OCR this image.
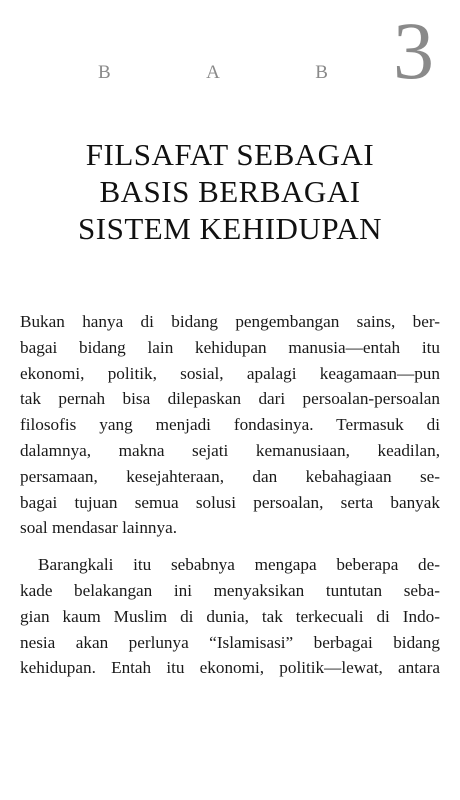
B	A	B 3
FILSAFAT SEBAGAI
BASIS BERBAGAI
SISTEM KEHIDUPAN
Bukan hanya di bidang pengembangan sains, ber-
bagai bidang lain kehidupan manusia—entah itu
ekonomi, politik, sosial, apalagi keagamaan—pun
tak pernah bisa dilepaskan dari persoalan-persoalan
filosofis yang menjadi fondasinya. Termasuk di
dalamnya, makna sejati kemanusiaan, keadilan,
persamaan, kesejahteraan, dan kebahagiaan se-
bagai tujuan semua solusi persoalan, serta banyak
soal mendasar lainnya.
Barangkali itu sebabnya mengapa beberapa de-
kade belakangan ini menyaksikan tuntutan seba-
gian kaum Muslim di dunia, tak terkecuali di Indo-
nesia akan perlunya “Islamisasi” berbagai bidang
kehidupan. Entah itu ekonomi, politik—lewat, antara
